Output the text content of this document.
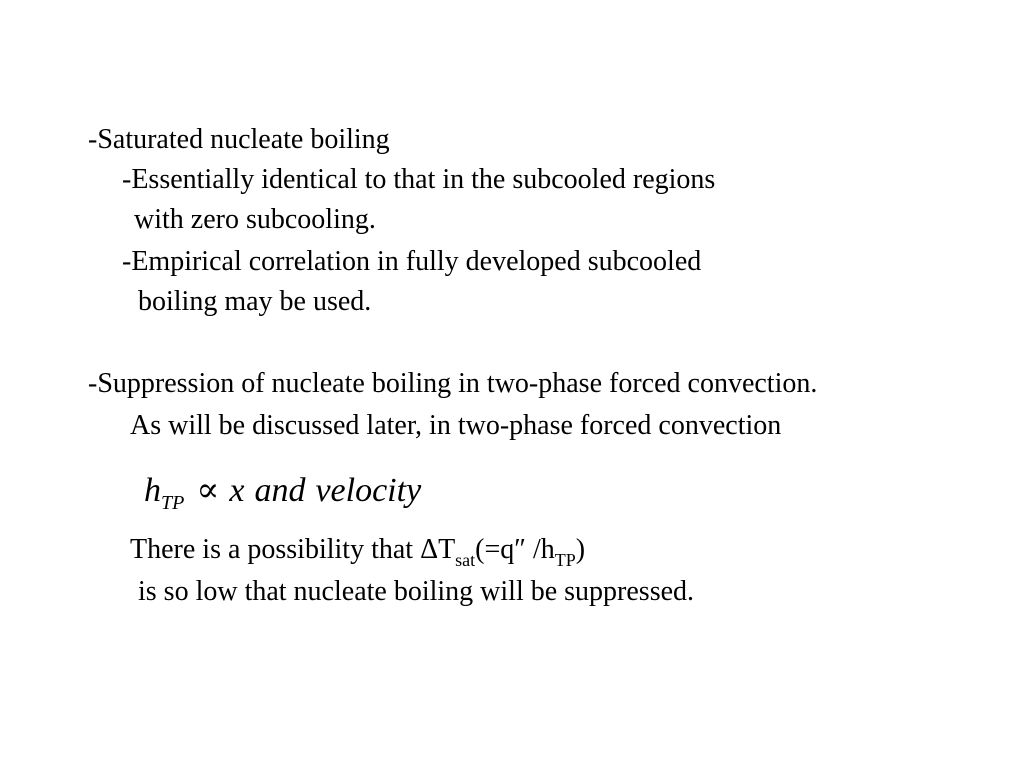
-Saturated nucleate boiling
-Essentially identical to that in the subcooled regions
with zero subcooling.
-Empirical correlation in fully developed subcooled
boiling may be used.
-Suppression of nucleate boiling in two-phase forced convection.
As will be discussed later, in two-phase forced convection
$h_{TP} \propto x$ and velocity
There is a possibility that $\Delta T_{sat}(=q''$ $/h_{TP}$)
is so low that nucleate boiling will be suppressed.
